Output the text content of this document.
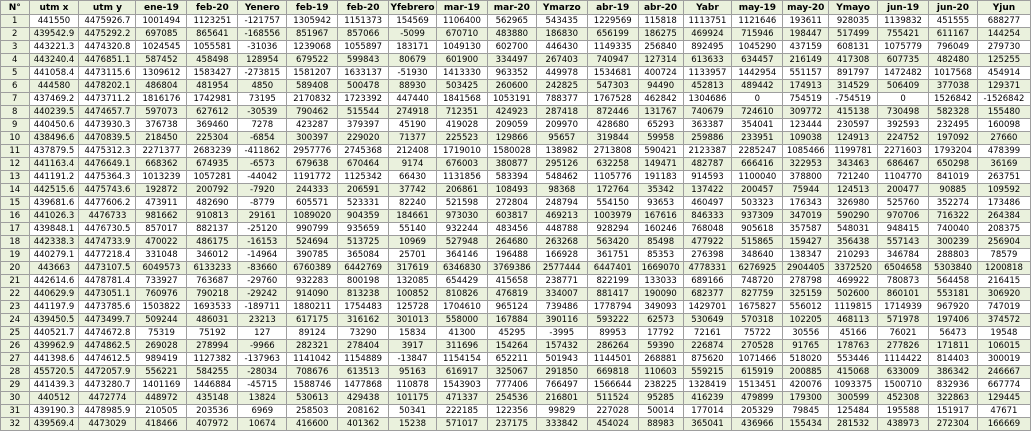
N°	utm x	utm y	ene-19	feb-20	Yenero	feb-19	feb-20	Yfebrero	mar-19	mar-20	Ymarzo	abr-19	abr-20	Yabr	may-19	may-20	Ymayo	jun-19	jun-20	Yjun
1	441550	4475926.7	1001494	1123251	-121757	1305942	1151373	154569	1106400	562965	543435	1229569	115818	1113751	1121646	193611	928035	1139832	451555	688277
2	439542.9	4475292.2	697085	865641	-168556	851967	857066	-5099	670710	483880	186830	656199	186275	469924	715946	198447	517499	755421	611167	144254
3	443221.3	4474320.8	1024545	1055581	-31036	1239068	1055897	183171	1049130	602700	446430	1149335	256840	892495	1045290	437159	608131	1075779	796049	279730
4	443240.4	4476851.1	587452	458498	128954	679522	599843	80679	601900	334497	267403	740947	127314	613633	634457	216149	417308	607735	482480	125255
5	441058.4	4473115.6	1309612	1583427	-273815	1581207	1633137	-51930	1413330	963352	449978	1534681	400724	1133957	1442954	551157	891797	1472482	1017568	454914
6	444580	4478202.1	486804	481954	4850	589408	500478	88930	503425	260600	242825	547303	94490	452813	489442	174913	314529	506409	377038	129371
7	437469.2	4473711.2	1816176	1742981	73195	2170832	1723392	447440	1841568	1053191	788377	1767528	462842	1304686	0	754519	-754519	0	1526842	-1526842
8	440239.5	4474657.7	597073	627612	-30539	790462	515544	274918	712351	424923	287418	872446	131767	740679	724610	309772	415138	730498	582328	155480
9	440450.6	4473930.3	376738	369460	7278	423287	379397	45190	419028	209059	209970	428680	65293	363387	354041	123444	230597	392593	232495	160098
10	438496.6	4470839.5	218450	225304	-6854	300397	229020	71377	225523	129866	95657	319844	59958	259886	233951	109038	124913	224752	197092	27660
11	437879.5	4475312.3	2271377	2683239	-411862	2957776	2745368	212408	1719010	1580028	138982	2713808	590421	2123387	2285247	1085466	1199781	2271603	1793204	478399
12	441163.4	4476649.1	668362	674935	-6573	679638	670464	9174	676003	380877	295126	632258	149471	482787	666416	322953	343463	686467	650298	36169
13	441191.2	4475364.3	1013239	1057281	-44042	1191772	1125342	66430	1131856	583394	548462	1105776	191183	914593	1100040	378800	721240	1104770	841019	263751
14	442515.6	4475743.6	192872	200792	-7920	244333	206591	37742	206861	108493	98368	172764	35342	137422	200457	75944	124513	200477	90885	109592
15	439681.6	4477606.2	473911	482690	-8779	605571	523331	82240	521598	272804	248794	554150	93653	460497	503323	176343	326980	525760	352274	173486
16	441026.3	4476733	981662	910813	29161	1089020	904359	184661	973030	603817	469213	1003979	167616	846333	937309	347019	590290	970706	716322	264384
17	439848.1	4476730.5	857017	882137	-25120	990799	935659	55140	932244	483456	448788	928294	160246	768048	905618	357587	548031	948415	740040	208375
18	442338.3	4474733.9	470022	486175	-16153	524694	513725	10969	527948	264680	263268	563420	85498	477922	515865	159427	356438	557143	300239	256904
19	440279.1	4477218.4	331048	346012	-14964	390785	365084	25701	364146	196488	166928	361751	85353	276398	348640	138347	210293	346784	288803	78579
20	443663	4473107.5	6049573	6133233	-83660	6760389	6442769	317619	6346830	3769386	2577444	6447401	1669070	4778331	6276925	2904405	3372520	6504658	5303840	1200818
21	442614.6	4478781.4	733927	763687	-29760	932283	800198	132085	654429	415658	238771	822199	133033	689166	748720	278798	469922	780873	564458	216415
22	440629.9	4473051.1	760976	790218	-29242	914090	813238	100852	810826	476819	334007	881417	190090	682377	827759	325159	502600	860101	553181	306920
23	441197.9	4473785.6	1503822	1693533	-189711	1880211	1754483	125728	1704610	965124	739486	1778794	349093	1429701	1675827	556012	1119815	1714939	967920	747019
24	439450.5	4473499.7	509244	486031	23213	617175	316162	301013	558000	167884	390116	593222	62573	530649	570318	102205	468113	571978	197406	374572
25	440521.7	4474672.8	75319	75192	127	89124	73290	15834	41300	45295	-3995	89953	17792	72161	75722	30556	45166	76021	56473	19548
26	439962.9	4474862.5	269028	278994	-9966	282321	278404	3917	311696	154264	157432	286264	59390	226874	270528	91765	178763	277826	171811	106015
27	441398.6	4474612.5	989419	1127382	-137963	1141042	1154889	-13847	1154154	652211	501943	1144501	268881	875620	1071466	518020	553446	1114422	814403	300019
28	455720.5	4472057.9	556221	584255	-28034	708676	613513	95163	616917	325067	291850	669818	110603	559215	615919	200885	415068	633009	386342	246667
29	441439.3	4473280.7	1401169	1446884	-45715	1588746	1477868	110878	1543903	777406	766497	1566644	238225	1328419	1513451	420076	1093375	1500710	832936	667774
30	440512	4472774	448972	435148	13824	530613	429438	101175	471337	254536	216801	511524	95285	416239	479899	179300	300599	452308	322863	129445
31	439190.3	4478985.9	210505	203536	6969	258503	208162	50341	222185	122356	99829	227028	50014	177014	205329	79845	125484	195588	151917	47671
32	439569.4	4473029	418466	407972	10674	416600	401362	15238	571017	237175	333842	454024	88983	365041	436966	155434	281532	438973	272304	166669
